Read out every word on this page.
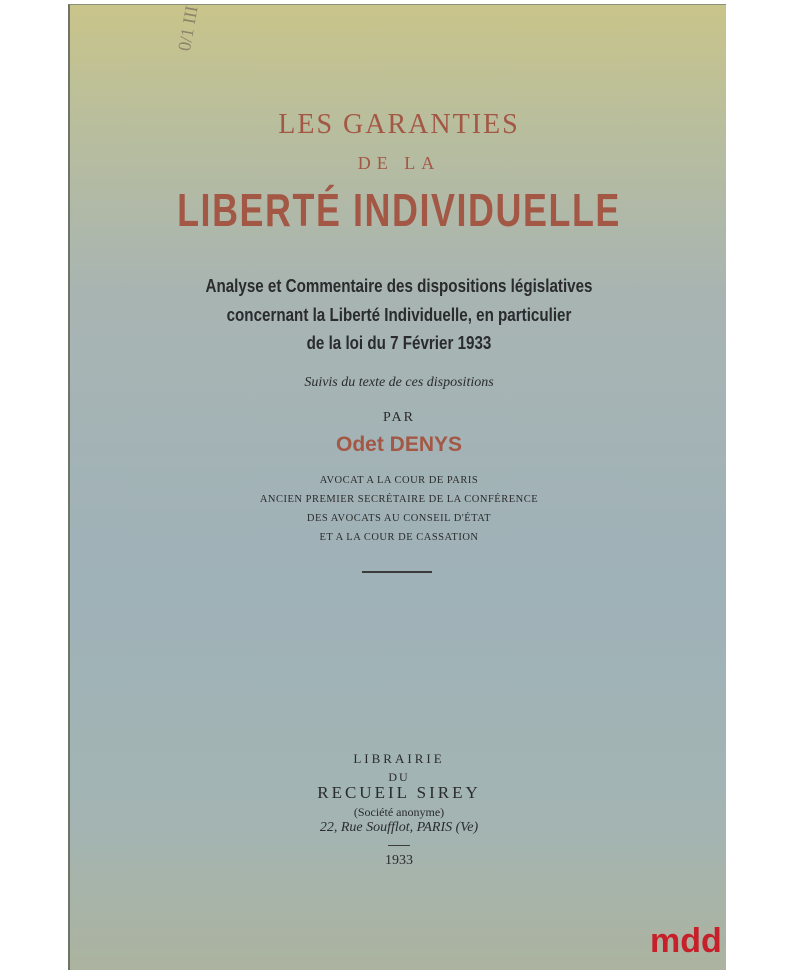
0/1 III
LES GARANTIES
DE LA
LIBERTÉ INDIVIDUELLE
Analyse et Commentaire des dispositions législatives
concernant la Liberté Individuelle, en particulier
de la loi du 7 Février 1933
Suivis du texte de ces dispositions
PAR
Odet DENYS
AVOCAT A LA COUR DE PARIS
ANCIEN PREMIER SECRÉTAIRE DE LA CONFÉRENCE
DES AVOCATS AU CONSEIL D'ÉTAT
ET A LA COUR DE CASSATION
LIBRAIRIE
DU
RECUEIL SIREY
(Société anonyme)
22, Rue Soufflot, PARIS (Ve)
1933
mdd
